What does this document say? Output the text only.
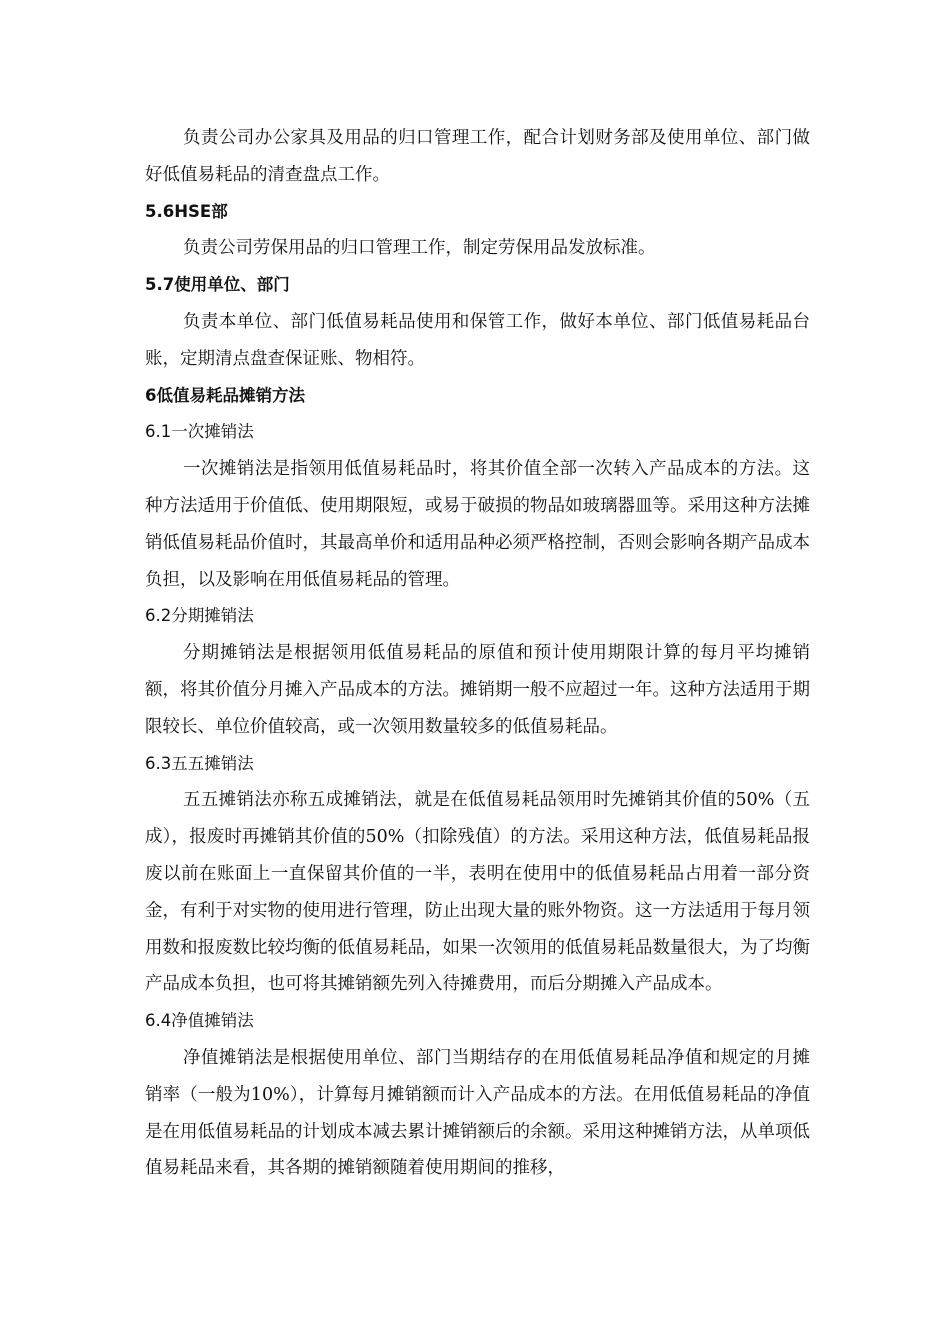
负责公司办公家具及用品的归口管理工作，配合计划财务部及使用单位、部门做好低值易耗品的清查盘点工作。

5.6HSE部

负责公司劳保用品的归口管理工作，制定劳保用品发放标准。

5.7使用单位、部门

负责本单位、部门低值易耗品使用和保管工作，做好本单位、部门低值易耗品台账，定期清点盘查保证账、物相符。

6低值易耗品摊销方法

6.1一次摊销法

一次摊销法是指领用低值易耗品时，将其价值全部一次转入产品成本的方法。这种方法适用于价值低、使用期限短，或易于破损的物品如玻璃器皿等。采用这种方法摊销低值易耗品价值时，其最高单价和适用品种必须严格控制，否则会影响各期产品成本负担，以及影响在用低值易耗品的管理。

6.2分期摊销法

分期摊销法是根据领用低值易耗品的原值和预计使用期限计算的每月平均摊销额，将其价值分月摊入产品成本的方法。摊销期一般不应超过一年。这种方法适用于期限较长、单位价值较高，或一次领用数量较多的低值易耗品。

6.3五五摊销法

五五摊销法亦称五成摊销法，就是在低值易耗品领用时先摊销其价值的50%（五成），报废时再摊销其价值的50%（扣除残值）的方法。采用这种方法，低值易耗品报废以前在账面上一直保留其价值的一半，表明在使用中的低值易耗品占用着一部分资金，有利于对实物的使用进行管理，防止出现大量的账外物资。这一方法适用于每月领用数和报废数比较均衡的低值易耗品，如果一次领用的低值易耗品数量很大，为了均衡产品成本负担，也可将其摊销额先列入待摊费用，而后分期摊入产品成本。

6.4净值摊销法

净值摊销法是根据使用单位、部门当期结存的在用低值易耗品净值和规定的月摊销率（一般为10%），计算每月摊销额而计入产品成本的方法。在用低值易耗品的净值是在用低值易耗品的计划成本减去累计摊销额后的余额。采用这种摊销方法，从单项低值易耗品来看，其各期的摊销额随着使用期间的推移，
